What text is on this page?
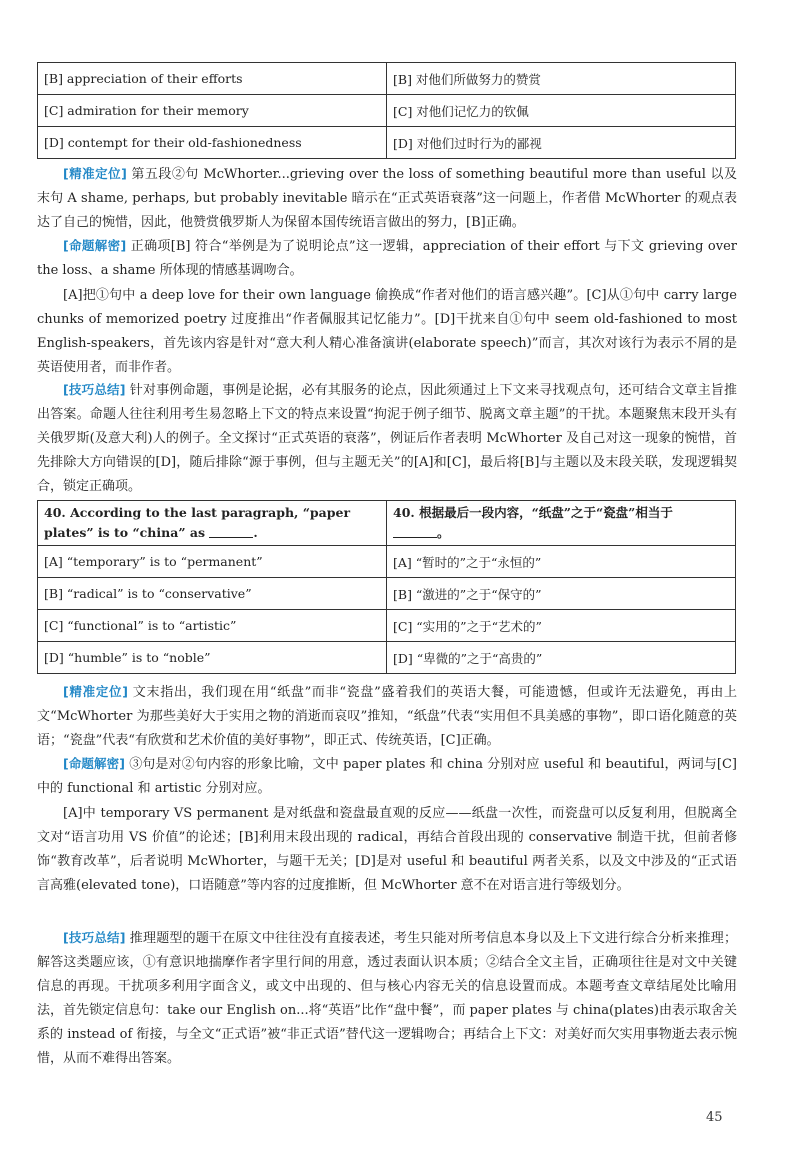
[B] appreciation of their efforts	[B] 对他们所做努力的赞赏
[C] admiration for their memory	[C] 对他们记忆力的钦佩
[D] contempt for their old-fashionedness	[D] 对他们过时行为的鄙视
[精准定位] 第五段②句 McWhorter...grieving over the loss of something beautiful more than useful 以及末句 A shame, perhaps, but probably inevitable 暗示在“正式英语衰落”这一问题上，作者借 McWhorter 的观点表达了自己的惋惜，因此，他赞赏俄罗斯人为保留本国传统语言做出的努力，[B]正确。
[命题解密] 正确项[B] 符合“举例是为了说明论点”这一逻辑，appreciation of their effort 与下文 grieving over the loss、a shame 所体现的情感基调吻合。
[A]把①句中 a deep love for their own language 偷换成“作者对他们的语言感兴趣”。[C]从①句中 carry large chunks of memorized poetry 过度推出“作者佩服其记忆能力”。[D]干扰来自①句中 seem old-fashioned to most English-speakers，首先该内容是针对“意大利人精心准备演讲(elaborate speech)”而言，其次对该行为表示不屑的是英语使用者，而非作者。
[技巧总结] 针对事例命题，事例是论据，必有其服务的论点，因此须通过上下文来寻找观点句，还可结合文章主旨推出答案。命题人往往利用考生易忽略上下文的特点来设置“拘泥于例子细节、脱离文章主题”的干扰。本题聚焦末段开头有关俄罗斯(及意大利)人的例子。全文探讨“正式英语的衰落”，例证后作者表明 McWhorter 及自己对这一现象的惋惜，首先排除大方向错误的[D]，随后排除“源于事例，但与主题无关”的[A]和[C]，最后将[B]与主题以及末段关联，发现逻辑契合，锁定正确项。
40. According to the last paragraph, “paper plates” is to “china” as .	40. 根据最后一段内容，“纸盘”之于“瓷盘”相当于
。
[A] “temporary” is to “permanent”	[A] “暂时的”之于“永恒的”
[B] “radical” is to “conservative”	[B] “激进的”之于“保守的”
[C] “functional” is to “artistic”	[C] “实用的”之于“艺术的”
[D] “humble” is to “noble”	[D] “卑微的”之于“高贵的”
[精准定位] 文末指出，我们现在用“纸盘”而非“瓷盘”盛着我们的英语大餐，可能遗憾，但或许无法避免，再由上文“McWhorter 为那些美好大于实用之物的消逝而哀叹”推知，“纸盘”代表“实用但不具美感的事物”，即口语化随意的英语；“瓷盘”代表“有欣赏和艺术价值的美好事物”，即正式、传统英语，[C]正确。
[命题解密] ③句是对②句内容的形象比喻，文中 paper plates 和 china 分别对应 useful 和 beautiful，两词与[C]中的 functional 和 artistic 分别对应。
[A]中 temporary VS permanent 是对纸盘和瓷盘最直观的反应——纸盘一次性，而瓷盘可以反复利用，但脱离全文对“语言功用 VS 价值”的论述；[B]利用末段出现的 radical，再结合首段出现的 conservative 制造干扰，但前者修饰“教育改革”，后者说明 McWhorter，与题干无关；[D]是对 useful 和 beautiful 两者关系，以及文中涉及的“正式语言高雅(elevated tone)，口语随意”等内容的过度推断，但 McWhorter 意不在对语言进行等级划分。
[技巧总结] 推理题型的题干在原文中往往没有直接表述，考生只能对所考信息本身以及上下文进行综合分析来推理；解答这类题应该，①有意识地揣摩作者字里行间的用意，透过表面认识本质；②结合全文主旨，正确项往往是对文中关键信息的再现。干扰项多利用字面含义，或文中出现的、但与核心内容无关的信息设置而成。本题考查文章结尾处比喻用法，首先锁定信息句：take our English on...将“英语”比作“盘中餐”，而 paper plates 与 china(plates)由表示取舍关系的 instead of 衔接，与全文“正式语”被“非正式语”替代这一逻辑吻合；再结合上下文：对美好而欠实用事物逝去表示惋惜，从而不难得出答案。
45
